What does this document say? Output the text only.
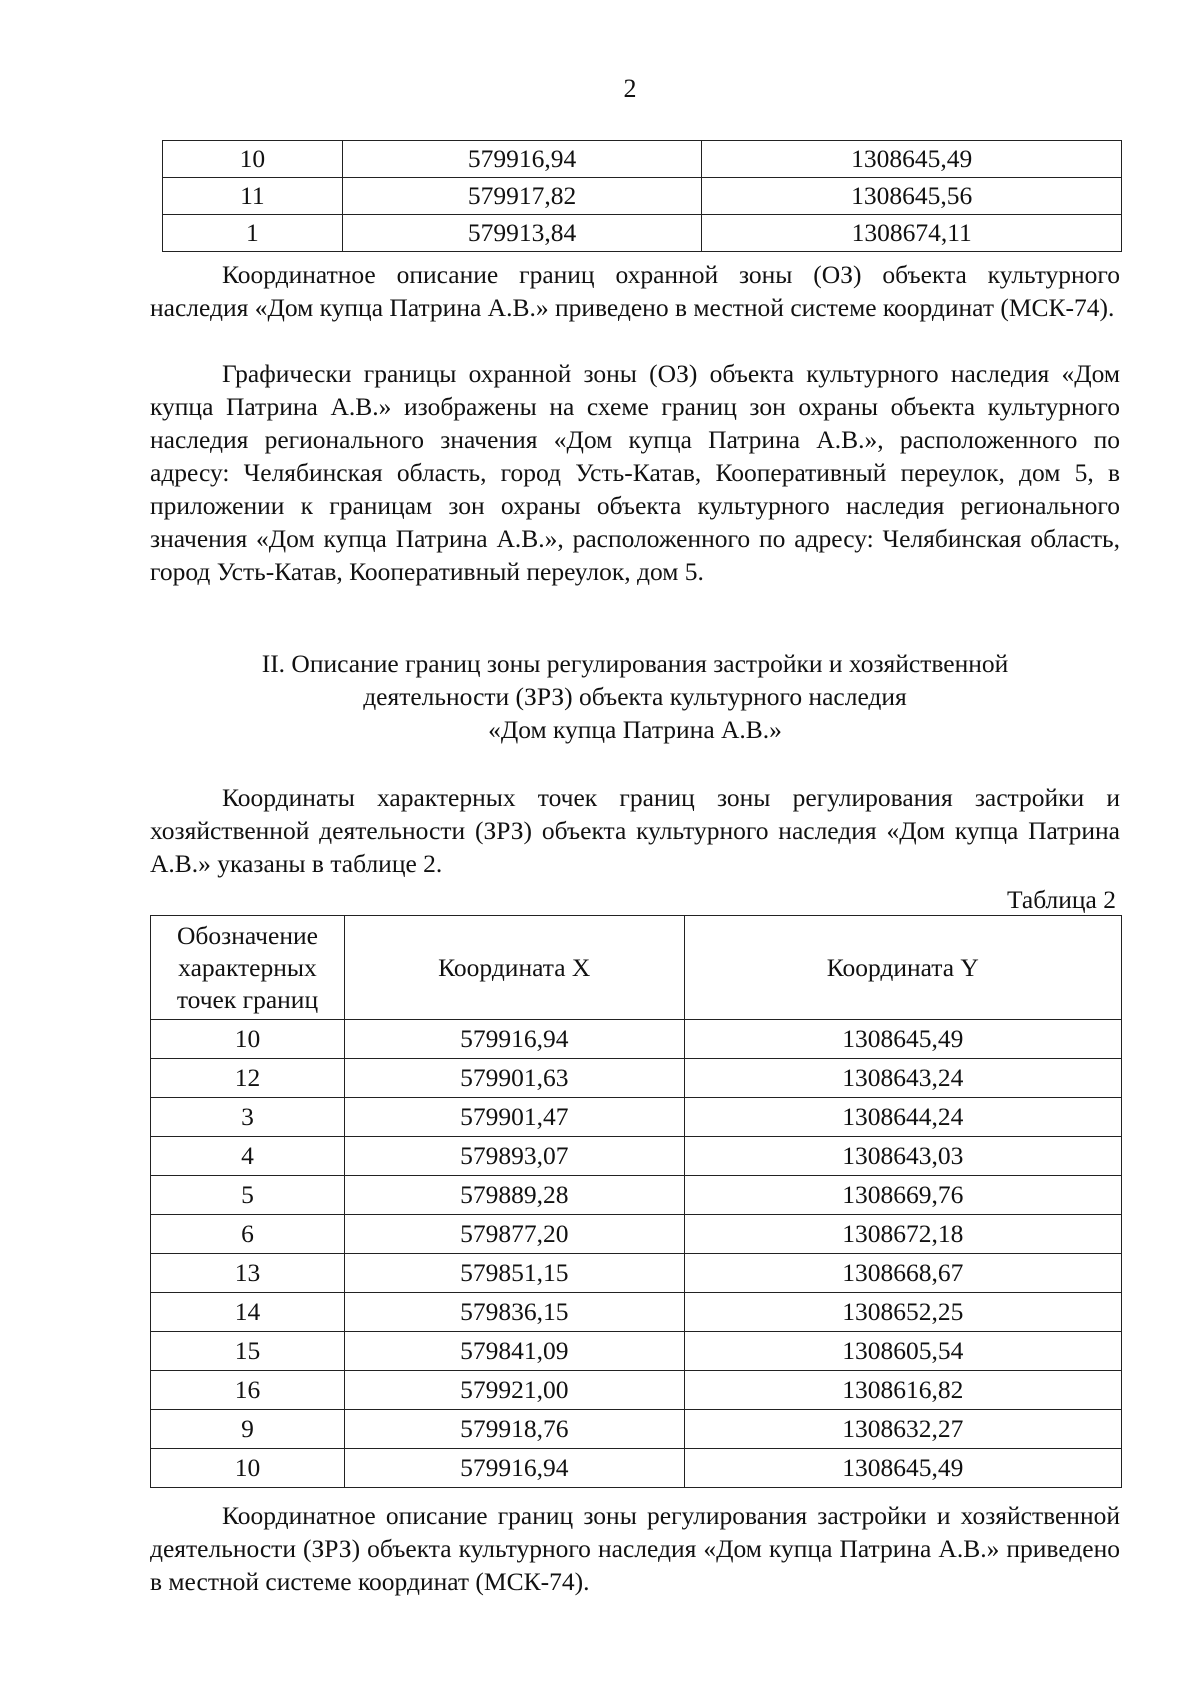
2
10	579916,94	1308645,49
11	579917,82	1308645,56
1	579913,84	1308674,11

Координатное описание границ охранной зоны (ОЗ) объекта культурного наследия «Дом купца Патрина А.В.» приведено в местной системе координат (МСК-74).

Графически границы охранной зоны (ОЗ) объекта культурного наследия «Дом купца Патрина А.В.» изображены на схеме границ зон охраны объекта культурного наследия регионального значения «Дом купца Патрина А.В.», расположенного по адресу: Челябинская область, город Усть-Катав, Кооперативный переулок, дом 5, в приложении к границам зон охраны объекта культурного наследия регионального значения «Дом купца Патрина А.В.», расположенного по адресу: Челябинская область, город Усть-Катав, Кооперативный переулок, дом 5.

II. Описание границ зоны регулирования застройки и хозяйственной
деятельности (ЗРЗ) объекта культурного наследия
«Дом купца Патрина А.В.»

Координаты характерных точек границ зоны регулирования застройки и хозяйственной деятельности (ЗРЗ) объекта культурного наследия «Дом купца Патрина А.В.» указаны в таблице 2.

Таблица 2
Обозначение характерных точек границ	Координата X	Координата Y
10	579916,94	1308645,49
12	579901,63	1308643,24
3	579901,47	1308644,24
4	579893,07	1308643,03
5	579889,28	1308669,76
6	579877,20	1308672,18
13	579851,15	1308668,67
14	579836,15	1308652,25
15	579841,09	1308605,54
16	579921,00	1308616,82
9	579918,76	1308632,27
10	579916,94	1308645,49

Координатное описание границ зоны регулирования застройки и хозяйственной деятельности (ЗРЗ) объекта культурного наследия «Дом купца Патрина А.В.» приведено в местной системе координат (МСК-74).
